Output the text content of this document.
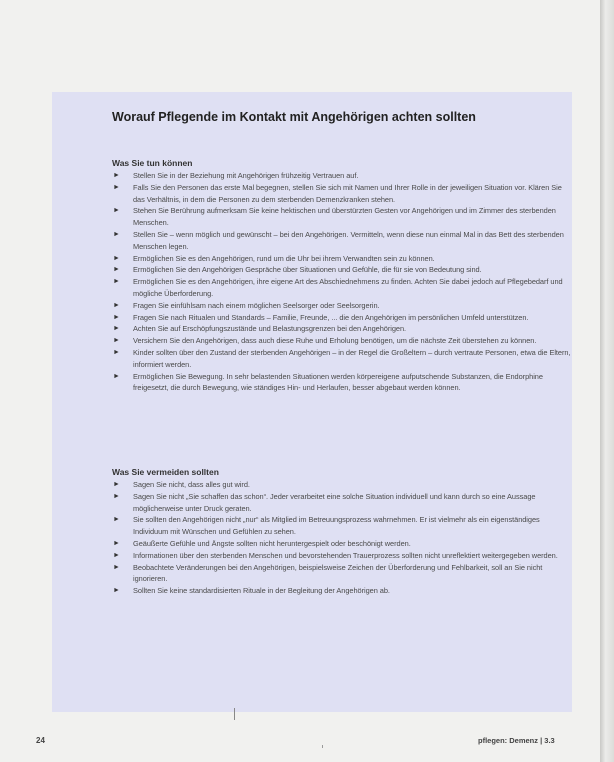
Worauf Pflegende im Kontakt mit Angehörigen achten sollten
Was Sie tun können
► Stellen Sie in der Beziehung mit Angehörigen frühzeitig Vertrauen auf.
► Falls Sie den Personen das erste Mal begegnen, stellen Sie sich mit Namen und Ihrer Rolle in der jeweiligen Situation vor. Klären Sie das Verhältnis, in dem die Personen zu dem sterbenden Demenzkranken stehen.
► Stehen Sie Berührung aufmerksam Sie keine hektischen und überstürzten Gesten vor Angehörigen und im Zimmer des sterbenden Menschen.
► Stellen Sie – wenn möglich und gewünscht – bei den Angehörigen. Vermitteln, wenn diese nun einmal Mal in das Bett des sterbenden Menschen legen.
► Ermöglichen Sie es den Angehörigen, rund um die Uhr bei ihrem Verwandten sein zu können.
► Ermöglichen Sie den Angehörigen Gespräche über Situationen und Gefühle, die für sie von Bedeutung sind.
► Ermöglichen Sie es den Angehörigen, ihre eigene Art des Abschiednehmens zu finden. Achten Sie dabei jedoch auf Pflegebedarf und mögliche Überforderung.
► Fragen Sie einfühlsam nach einem möglichen Seelsorger oder Seelsorgerin.
► Fragen Sie nach Ritualen und Standards – Familie, Freunde, ... die den Angehörigen im persönlichen Umfeld unterstützen.
► Achten Sie auf Erschöpfungszustände und Belastungsgrenzen bei den Angehörigen.
► Versichern Sie den Angehörigen, dass auch diese Ruhe und Erholung benötigen, um die nächste Zeit überstehen zu können.
► Kinder sollten über den Zustand der sterbenden Angehörigen – in der Regel die Großeltern – durch vertraute Personen, etwa die Eltern, informiert werden.
► Ermöglichen Sie Bewegung. In sehr belastenden Situationen werden körpereigene aufputschende Substanzen, die Endorphine freigesetzt, die durch Bewegung, wie ständiges Hin- und Herlaufen, besser abgebaut werden können.
Was Sie vermeiden sollten
► Sagen Sie nicht, dass alles gut wird.
► Sagen Sie nicht „Sie schaffen das schon“. Jeder verarbeitet eine solche Situation individuell und kann durch so eine Aussage möglicherweise unter Druck geraten.
► Sie sollten den Angehörigen nicht „nur“ als Mitglied im Betreuungsprozess wahrnehmen. Er ist vielmehr als ein eigenständiges Individuum mit Wünschen und Gefühlen zu sehen.
► Geäußerte Gefühle und Ängste sollten nicht heruntergespielt oder beschönigt werden.
► Informationen über den sterbenden Menschen und bevorstehenden Trauerprozess sollten nicht unreflektiert weitergegeben werden.
► Beobachtete Veränderungen bei den Angehörigen, beispielsweise Zeichen der Überforderung und Fehlbarkeit, soll an Sie nicht ignorieren.
► Sollten Sie keine standardisierten Rituale in der Begleitung der Angehörigen ab.
24	pflegen: Demenz | 3.3
